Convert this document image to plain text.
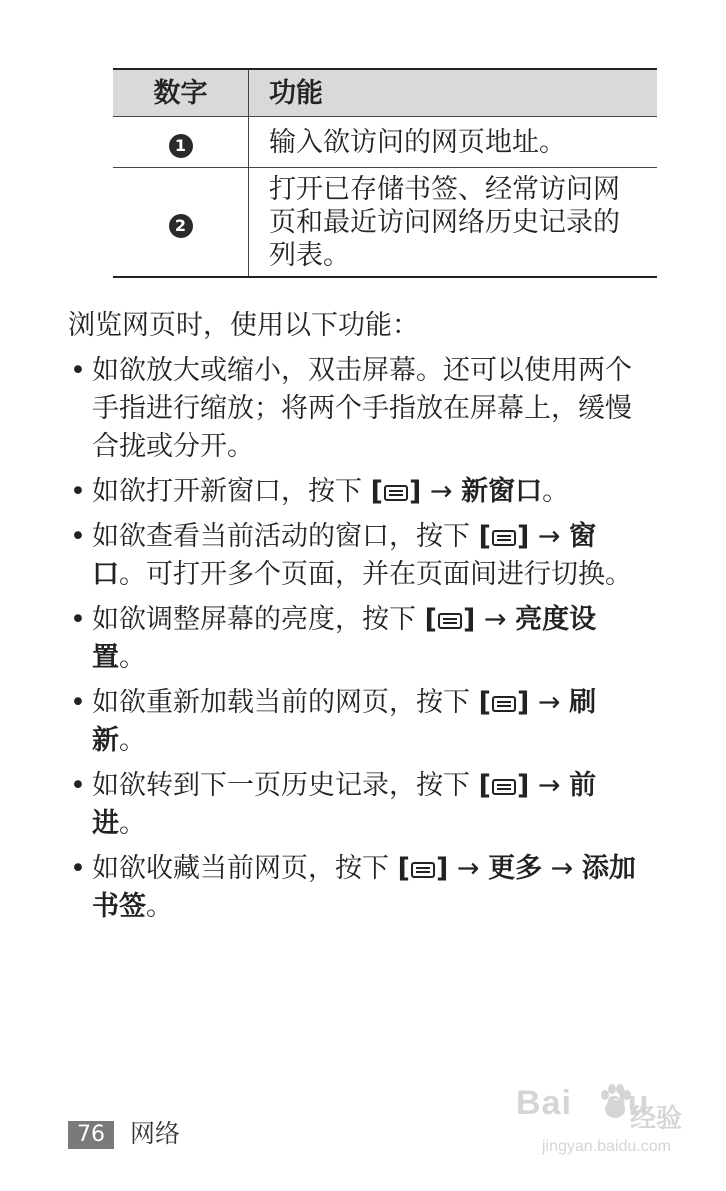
数字	功能
1	输入欲访问的网页地址。
2	打开已存储书签、经常访问网页和最近访问网络历史记录的列表。

浏览网页时，使用以下功能：

• 如欲放大或缩小，双击屏幕。还可以使用两个手指进行缩放；将两个手指放在屏幕上，缓慢合拢或分开。
• 如欲打开新窗口，按下 [ ] → 新窗口。
• 如欲查看当前活动的窗口，按下 [ ] → 窗口。可打开多个页面，并在页面间进行切换。
• 如欲调整屏幕的亮度，按下 [ ] → 亮度设置。
• 如欲重新加载当前的网页，按下 [ ] → 刷新。
• 如欲转到下一页历史记录，按下 [ ] → 前进。
• 如欲收藏当前网页，按下 [ ] → 更多 → 添加书签。
76	网络
Bai du
经验
jingyan.baidu.com
